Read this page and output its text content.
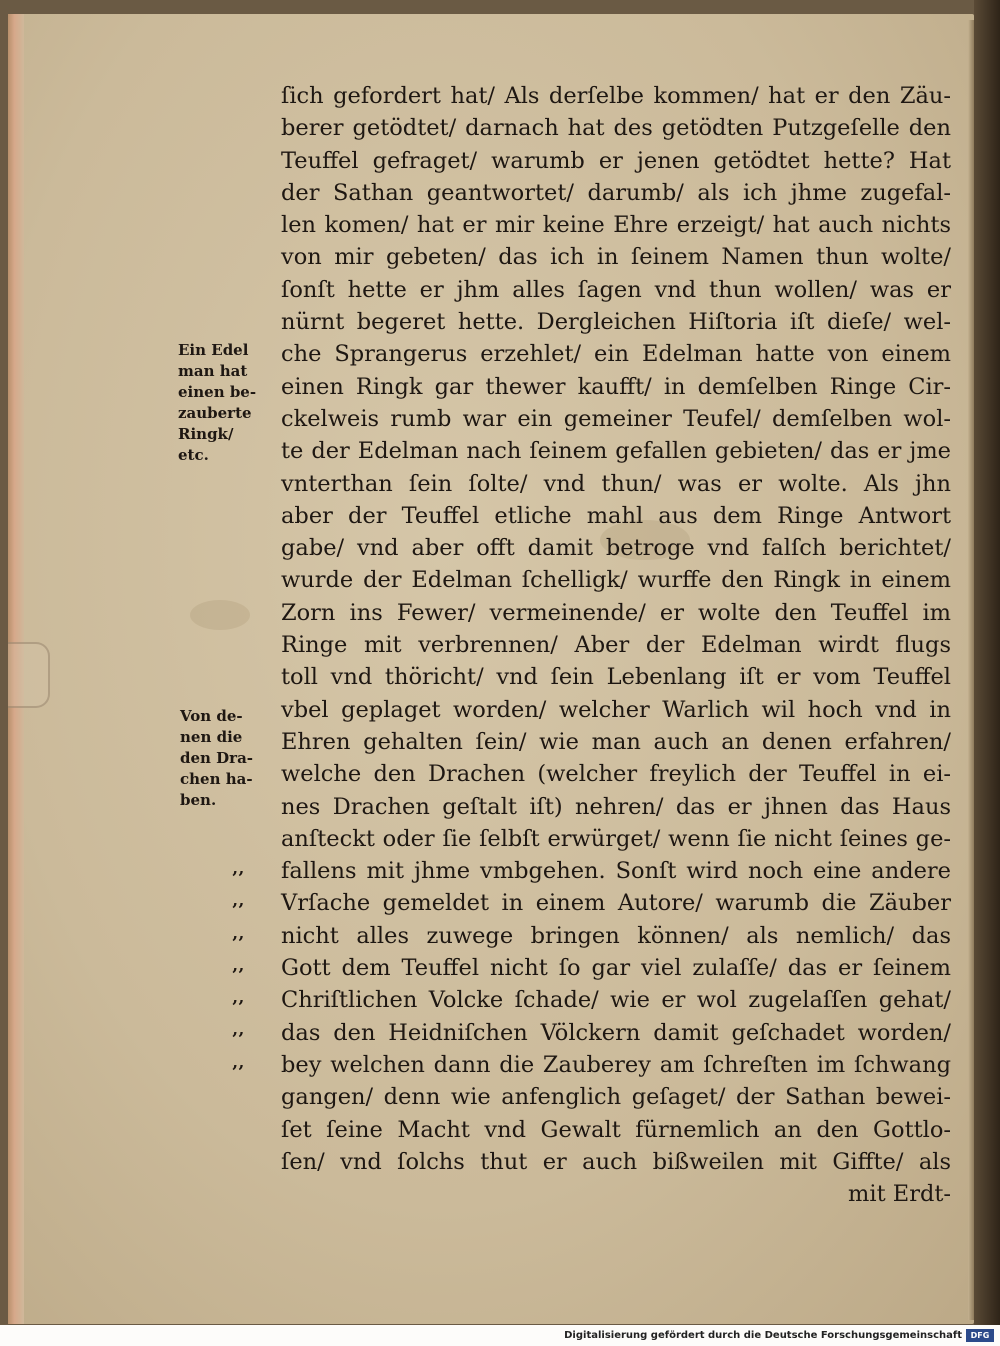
ſich gefordert hat/ Als derſelbe kommen/ hat er den Zäu-
berer getödtet/ darnach hat des getödten Putzgeſelle den
Teuffel gefraget/ warumb er jenen getödtet hette? Hat
der Sathan geantwortet/ darumb/ als ich jhme zugefal-
len komen/ hat er mir keine Ehre erzeigt/ hat auch nichts
von mir gebeten/ das ich in ſeinem Namen thun wolte/
ſonſt hette er jhm alles ſagen vnd thun wollen/ was er
nürnt begeret hette. Dergleichen Hiſtoria iſt dieſe/ wel-
che Sprangerus erzehlet/ ein Edelman hatte von einem
einen Ringk gar thewer kaufft/ in demſelben Ringe Cir-
ckelweis rumb war ein gemeiner Teufel/ demſelben wol-
te der Edelman nach ſeinem gefallen gebieten/ das er jme
vnterthan ſein ſolte/ vnd thun/ was er wolte. Als jhn
aber der Teuffel etliche mahl aus dem Ringe Antwort
gabe/ vnd aber offt damit betroge vnd falſch berichtet/
wurde der Edelman ſchelligk/ wurffe den Ringk in einem
Zorn ins Fewer/ vermeinende/ er wolte den Teuffel im
Ringe mit verbrennen/ Aber der Edelman wirdt flugs
toll vnd thöricht/ vnd ſein Lebenlang iſt er vom Teuffel
vbel geplaget worden/ welcher Warlich wil hoch vnd in
Ehren gehalten ſein/ wie man auch an denen erfahren/
welche den Drachen (welcher freylich der Teuffel in ei-
nes Drachen geſtalt iſt) nehren/ das er jhnen das Haus
anſteckt oder ſie ſelbſt erwürget/ wenn ſie nicht ſeines ge-
fallens mit jhme vmbgehen. Sonſt wird noch eine andere
Vrſache gemeldet in einem Autore/ warumb die Zäuber
nicht alles zuwege bringen können/ als nemlich/ das
Gott dem Teuffel nicht ſo gar viel zulaſſe/ das er ſeinem
Chriſtlichen Volcke ſchade/ wie er wol zugelaſſen gehat/
das den Heidniſchen Völckern damit geſchadet worden/
bey welchen dann die Zauberey am ſchreſten im ſchwang
gangen/ denn wie anfenglich geſaget/ der Sathan bewei-
ſet ſeine Macht vnd Gewalt fürnemlich an den Gottlo-
ſen/ vnd ſolchs thut er auch bißweilen mit Giffte/ als
mit Erdt-
Ein Edel
man hat
einen be-
zauberte
Ringk/
etc.
Von de-
nen die
den Dra-
chen ha-
ben.
‚‚
‚‚
‚‚
‚‚
‚‚
‚‚
‚‚
Digitalisierung gefördert durch die Deutsche Forschungsgemeinschaft	DFG
